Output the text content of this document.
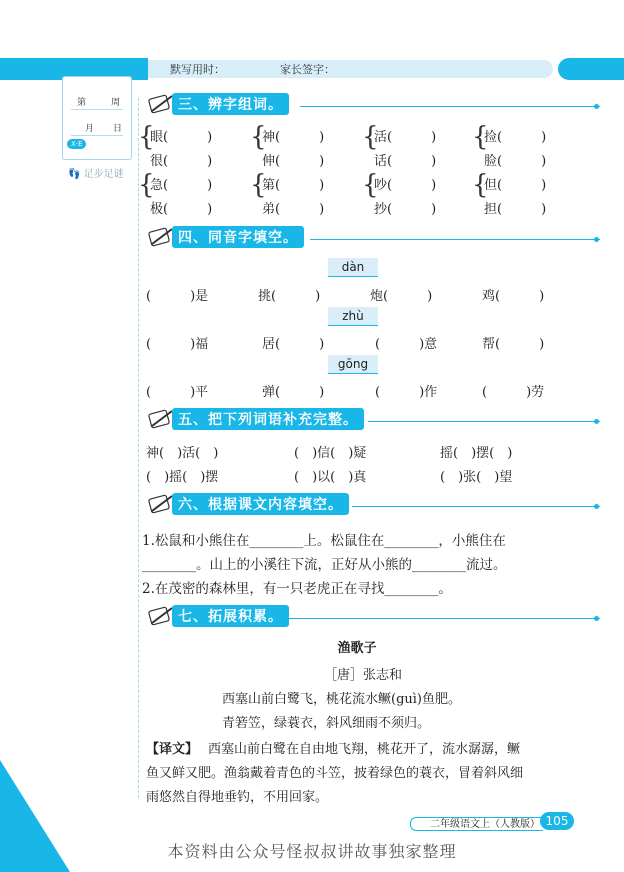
默写用时：	家长签字：
第	周
月 日
X·E
👣 足步足谜
三、辨字组词。
{	{	{	{
{	{	{	{
眼(　　　)	神(　　　)	活(　　　)	捡(　　　)
很(　　　)	伸(　　　)	话(　　　)	脸(　　　)
急(　　　)	第(　　　)	吵(　　　)	但(　　　)
极(　　　)	弟(　　　)	抄(　　　)	担(　　　)
四、同音字填空。
dàn
(　　　)是	挑(　　　)	炮(　　　)	鸡(　　　)
zhù
(　　　)福	居(　　　)	(　　　)意	帮(　　　)
gōng
(　　　)平	弹(　　　)	(　　　)作	(　　　)劳
五、把下列词语补充完整。
神(　)活(　)	(　)信(　)疑	摇(　)摆(　)
(　)摇(　)摆	(　)以(　)真	(　)张(　)望
六、根据课文内容填空。
1.松鼠和小熊住在________上。松鼠住在________，小熊住在
________。山上的小溪往下流，正好从小熊的________流过。
2.在茂密的森林里，有一只老虎正在寻找________。
七、拓展积累。
渔歌子
［唐］张志和
西塞山前白鹭飞，桃花流水鳜(guì)鱼肥。
青箬笠，绿蓑衣，斜风细雨不须归。
【译文】 西塞山前白鹭在自由地飞翔，桃花开了，流水潺潺，鳜
鱼又鲜又肥。渔翁戴着青色的斗笠，披着绿色的蓑衣，冒着斜风细
雨悠然自得地垂钓，不用回家。
二年级语文上（人教版） 105
本资料由公众号怪叔叔讲故事独家整理
